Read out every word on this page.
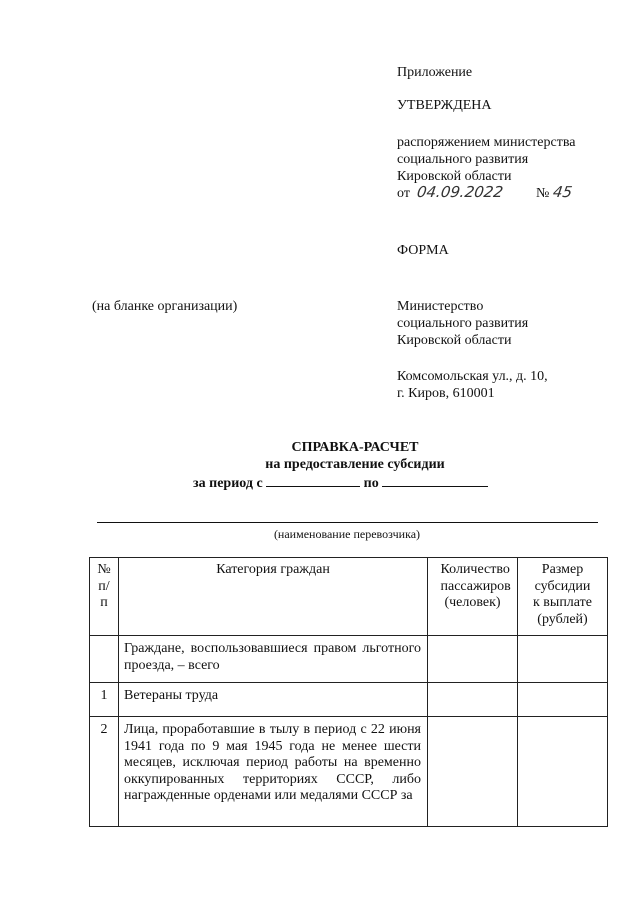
Приложение
УТВЕРЖДЕНА
распоряжением министерства
социального развития
Кировской области
от 04.09.2022 № 45
ФОРМА
(на бланке организации)	Министерство
социального развития
Кировской области
Комсомольская ул., д. 10,
г. Киров, 610001
СПРАВКА-РАСЧЕТ
на предоставление субсидии
за период с	по
(наименование перевозчика)
№ п/п	Категория граждан	Количество пассажиров (человек)	Размер субсидии к выплате (рублей)

	Граждане, воспользовавшиеся правом льготного проезда, – всего		
1	Ветераны труда		
2	Лица, проработавшие в тылу в период с 22 июня 1941 года по 9 мая 1945 года не менее шести месяцев, исключая период работы на временно оккупированных территориях СССР, либо награжденные орденами или медалями СССР за		
